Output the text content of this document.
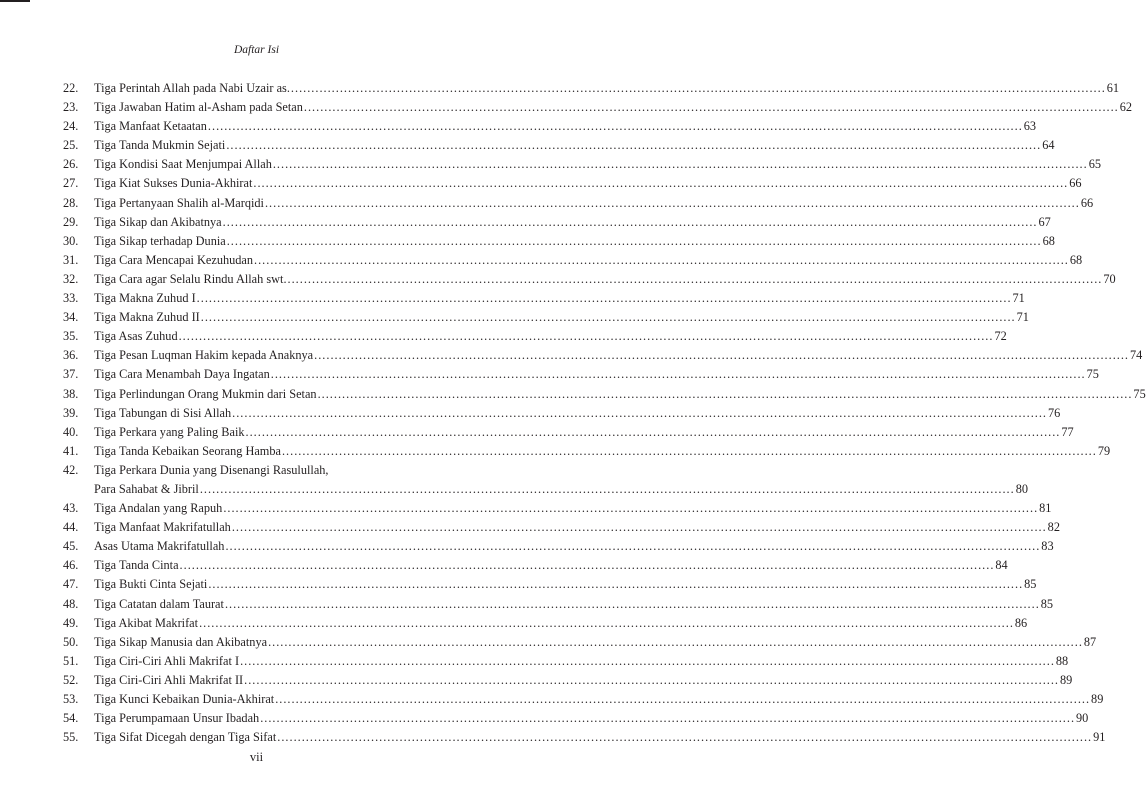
Daftar Isi
22.	Tiga Perintah Allah pada Nabi Uzair as. ........................................................................................................................................................................................................ 61
23.	Tiga Jawaban Hatim al-Asham pada Setan ........................................................................................................................................................................................................ 62
24.	Tiga Manfaat Ketaatan ........................................................................................................................................................................................................ 63
25.	Tiga Tanda Mukmin Sejati ........................................................................................................................................................................................................ 64
26.	Tiga Kondisi Saat Menjumpai Allah ........................................................................................................................................................................................................ 65
27.	Tiga Kiat Sukses Dunia-Akhirat ........................................................................................................................................................................................................ 66
28.	Tiga Pertanyaan Shalih al-Marqidi ........................................................................................................................................................................................................ 66
29.	Tiga Sikap dan Akibatnya ........................................................................................................................................................................................................ 67
30.	Tiga Sikap terhadap Dunia ........................................................................................................................................................................................................ 68
31.	Tiga Cara Mencapai Kezuhudan ........................................................................................................................................................................................................ 68
32.	Tiga Cara agar Selalu Rindu Allah swt. ........................................................................................................................................................................................................ 70
33.	Tiga Makna Zuhud I ........................................................................................................................................................................................................ 71
34.	Tiga Makna Zuhud II ........................................................................................................................................................................................................ 71
35.	Tiga Asas Zuhud ........................................................................................................................................................................................................ 72
36.	Tiga Pesan Luqman Hakim kepada Anaknya ........................................................................................................................................................................................................ 74
37.	Tiga Cara Menambah Daya Ingatan ........................................................................................................................................................................................................ 75
38.	Tiga Perlindungan Orang Mukmin dari Setan ........................................................................................................................................................................................................ 75
39.	Tiga Tabungan di Sisi Allah ........................................................................................................................................................................................................ 76
40.	Tiga Perkara yang Paling Baik ........................................................................................................................................................................................................ 77
41.	Tiga Tanda Kebaikan Seorang Hamba ........................................................................................................................................................................................................ 79
42.	Tiga Perkara Dunia yang Disenangi Rasulullah,
Para Sahabat & Jibril ........................................................................................................................................................................................................ 80
43.	Tiga Andalan yang Rapuh ........................................................................................................................................................................................................ 81
44.	Tiga Manfaat Makrifatullah ........................................................................................................................................................................................................ 82
45.	Asas Utama Makrifatullah ........................................................................................................................................................................................................ 83
46.	Tiga Tanda Cinta ........................................................................................................................................................................................................ 84
47.	Tiga Bukti Cinta Sejati ........................................................................................................................................................................................................ 85
48.	Tiga Catatan dalam Taurat ........................................................................................................................................................................................................ 85
49.	Tiga Akibat Makrifat ........................................................................................................................................................................................................ 86
50.	Tiga Sikap Manusia dan Akibatnya ........................................................................................................................................................................................................ 87
51.	Tiga Ciri-Ciri Ahli Makrifat I ........................................................................................................................................................................................................ 88
52.	Tiga Ciri-Ciri Ahli Makrifat II ........................................................................................................................................................................................................ 89
53.	Tiga Kunci Kebaikan Dunia-Akhirat ........................................................................................................................................................................................................ 89
54.	Tiga Perumpamaan Unsur Ibadah ........................................................................................................................................................................................................ 90
55.	Tiga Sifat Dicegah dengan Tiga Sifat ........................................................................................................................................................................................................ 91
vii
